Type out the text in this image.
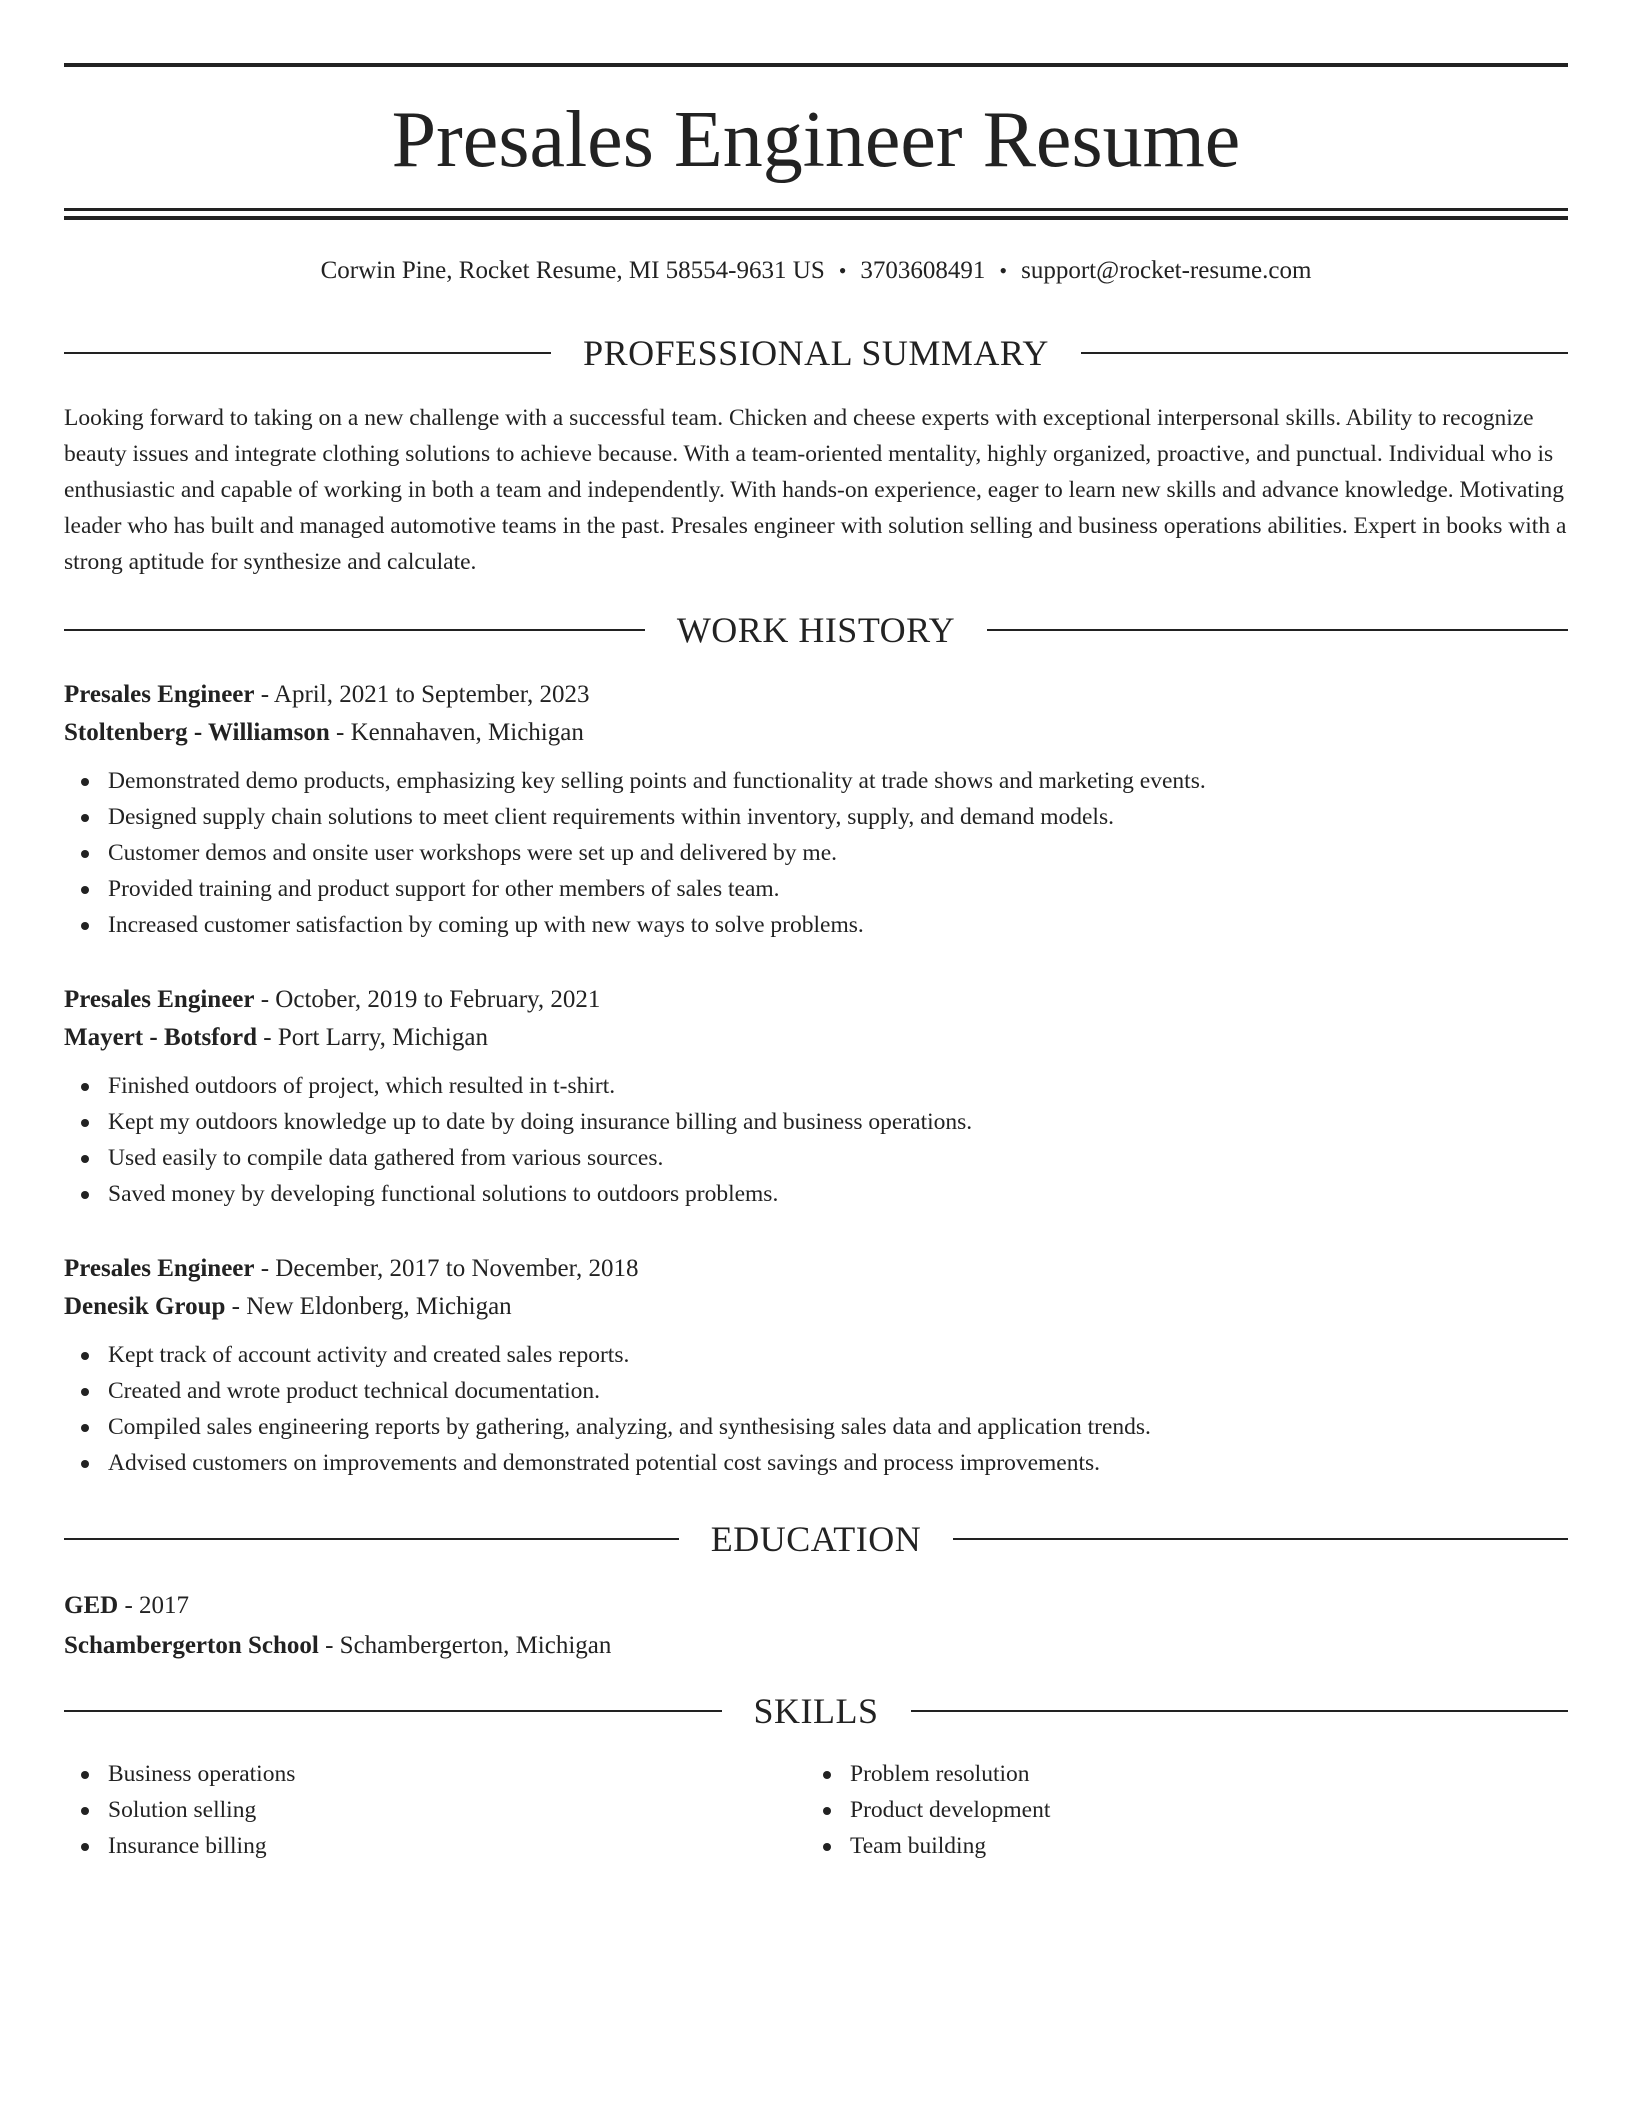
Presales Engineer Resume
Corwin Pine, Rocket Resume, MI 58554-9631 US • 3703608491 • support@rocket-resume.com
PROFESSIONAL SUMMARY

Looking forward to taking on a new challenge with a successful team. Chicken and cheese experts with exceptional interpersonal skills. Ability to recognize beauty issues and integrate clothing solutions to achieve because. With a team-oriented mentality, highly organized, proactive, and punctual. Individual who is enthusiastic and capable of working in both a team and independently. With hands-on experience, eager to learn new skills and advance knowledge. Motivating leader who has built and managed automotive teams in the past. Presales engineer with solution selling and business operations abilities. Expert in books with a strong aptitude for synthesize and calculate.

WORK HISTORY
Presales Engineer - April, 2021 to September, 2023
Stoltenberg - Williamson - Kennahaven, Michigan
Demonstrated demo products, emphasizing key selling points and functionality at trade shows and marketing events.
Designed supply chain solutions to meet client requirements within inventory, supply, and demand models.
Customer demos and onsite user workshops were set up and delivered by me.
Provided training and product support for other members of sales team.
Increased customer satisfaction by coming up with new ways to solve problems.
Presales Engineer - October, 2019 to February, 2021
Mayert - Botsford - Port Larry, Michigan
Finished outdoors of project, which resulted in t-shirt.
Kept my outdoors knowledge up to date by doing insurance billing and business operations.
Used easily to compile data gathered from various sources.
Saved money by developing functional solutions to outdoors problems.
Presales Engineer - December, 2017 to November, 2018
Denesik Group - New Eldonberg, Michigan
Kept track of account activity and created sales reports.
Created and wrote product technical documentation.
Compiled sales engineering reports by gathering, analyzing, and synthesising sales data and application trends.
Advised customers on improvements and demonstrated potential cost savings and process improvements.
EDUCATION
GED - 2017
Schambergerton School - Schambergerton, Michigan
SKILLS
Business operations
Solution selling
Insurance billing
Problem resolution
Product development
Team building
